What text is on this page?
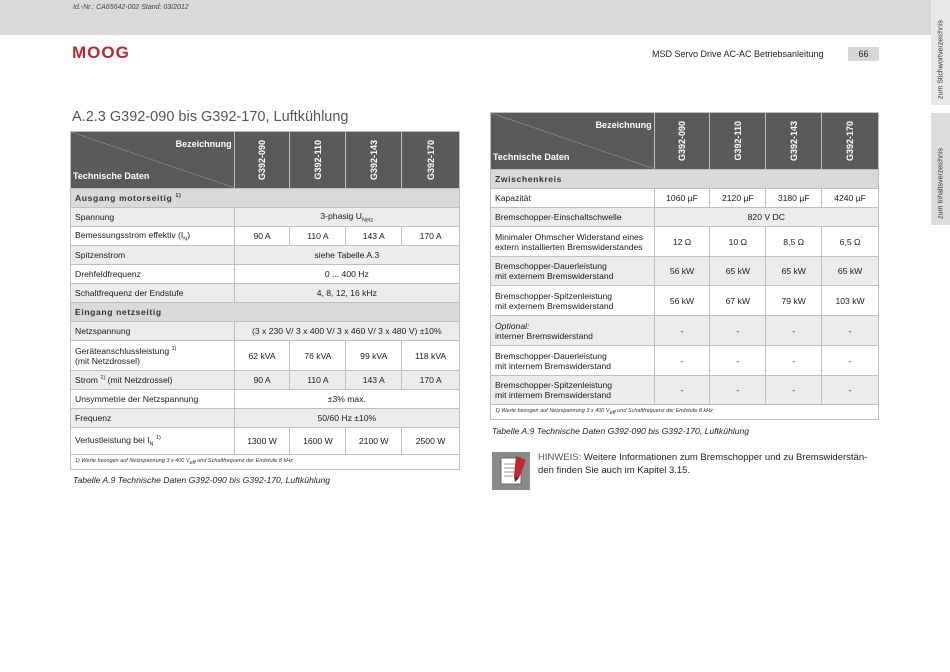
Id.-Nr.: CA65642-002 Stand: 03/2012
MOOG	MSD Servo Drive AC-AC Betriebsanleitung	66	zum Stichwortverzeichnis
zum Inhaltsverzeichnis
A.2.3 G392-090 bis G392-170, Luftkühlung
Bezeichnung
Technische Daten	G392-090	G392-110	G392-143	G392-170

Ausgang motorseitig $^{1)}$
Spannung	3-phasig $U_{Netz}$
Bemessungsstrom effektiv $(I_N)$	90 A	110 A	143 A	170 A
Spitzenstrom	siehe Tabelle A.3			
Drehfeldfrequenz	0 ... 400 Hz			
Schaltfrequenz der Endstufe	4, 8, 12, 16 kHz			
Eingang netzseitig				
Netzspannung	(3 x 230 V/ 3 x 400 V/ 3 x 460 V/ 3 x 480 V) ±10%			
Geräteanschlussleistung $^{1)}$
(mit Netzdrossel)	62 kVA	76 kVA	99 kVA	118 kVA
Strom $^{1)}$ (mit Netzdrossel)	90 A	110 A	143 A	170 A
Unsymmetrie der Netzspannung	±3% max.			
Frequenz	50/60 Hz ±10%			
Verlustleistung bei $I_N$ $^{1)}$	1300 W	1600 W	2100 W	2500 W
1) Werte bezogen auf Netzspannung 3 x 400 $V_{eff}$ und Schaltfrequenz der Endstufe 8 kHz				
Tabelle A.9 Technische Daten G392-090 bis G392-170, Luftkühlung
Bezeichnung
Technische Daten	G392-090	G392-110	G392-143	G392-170

Zwischenkreis				
Kapazität	1060 µF	2120 µF	3180 µF	4240 µF
Bremschopper-Einschaltschwelle	820 V DC			
Minimaler Ohmscher Widerstand eines
extern installierten Bremswiderstandes	12 Ω	10 Ω	8,5 Ω	6,5 Ω
Bremschopper-Dauerleistung
mit externem Bremswiderstand	56 kW	65 kW	65 kW	65 kW
Bremschopper-Spitzenleistung
mit externem Bremswiderstand	56 kW	67 kW	79 kW	103 kW
Optional:
interner Bremswiderstand	-	-	-	-
Bremschopper-Dauerleistung
mit internem Bremswiderstand	-	-	-	-
Bremschopper-Spitzenleistung
mit internem Bremswiderstand	-	-	-	-
1) Werte bezogen auf Netzspannung 3 x 400 $V_{eff}$ und Schaltfrequenz der Endstufe 8 kHz				
Tabelle A.9 Technische Daten G392-090 bis G392-170, Luftkühlung
HINWEIS: Weitere Informationen zum Bremschopper und zu Bremswiderstän-den finden Sie auch im Kapitel 3.15.
